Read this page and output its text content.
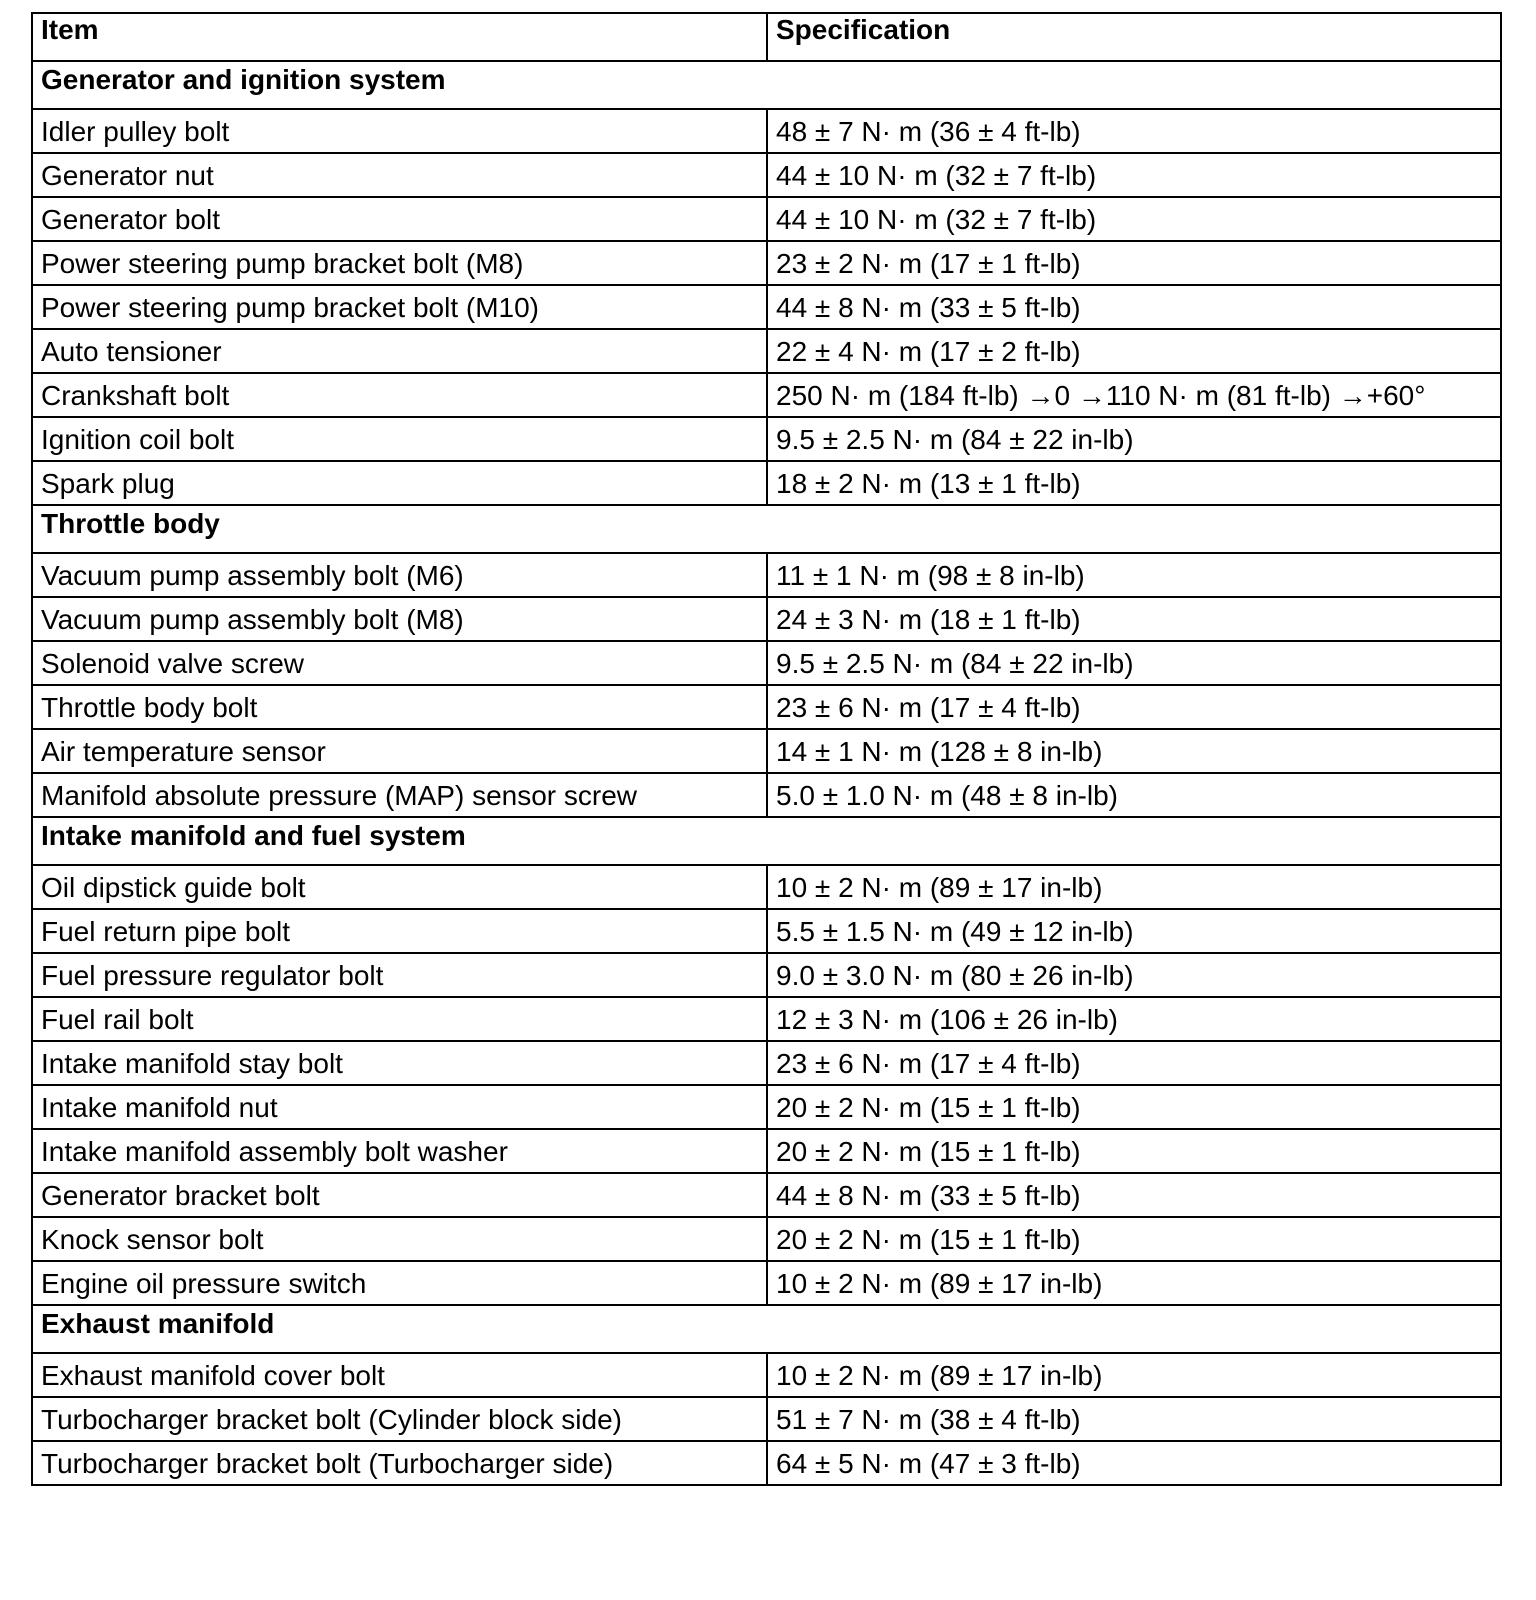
Item	Specification
Generator and ignition system	
Idler pulley bolt	48 ± 7 N· m (36 ± 4 ft-lb)
Generator nut	44 ± 10 N· m (32 ± 7 ft-lb)
Generator bolt	44 ± 10 N· m (32 ± 7 ft-lb)
Power steering pump bracket bolt (M8)	23 ± 2 N· m (17 ± 1 ft-lb)
Power steering pump bracket bolt (M10)	44 ± 8 N· m (33 ± 5 ft-lb)
Auto tensioner	22 ± 4 N· m (17 ± 2 ft-lb)
Crankshaft bolt	250 N· m (184 ft-lb) →0 →110 N· m (81 ft-lb) →+60°
Ignition coil bolt	9.5 ± 2.5 N· m (84 ± 22 in-lb)
Spark plug	18 ± 2 N· m (13 ± 1 ft-lb)
Throttle body	
Vacuum pump assembly bolt (M6)	11 ± 1 N· m (98 ± 8 in-lb)
Vacuum pump assembly bolt (M8)	24 ± 3 N· m (18 ± 1 ft-lb)
Solenoid valve screw	9.5 ± 2.5 N· m (84 ± 22 in-lb)
Throttle body bolt	23 ± 6 N· m (17 ± 4 ft-lb)
Air temperature sensor	14 ± 1 N· m (128 ± 8 in-lb)
Manifold absolute pressure (MAP) sensor screw	5.0 ± 1.0 N· m (48 ± 8 in-lb)
Intake manifold and fuel system	
Oil dipstick guide bolt	10 ± 2 N· m (89 ± 17 in-lb)
Fuel return pipe bolt	5.5 ± 1.5 N· m (49 ± 12 in-lb)
Fuel pressure regulator bolt	9.0 ± 3.0 N· m (80 ± 26 in-lb)
Fuel rail bolt	12 ± 3 N· m (106 ± 26 in-lb)
Intake manifold stay bolt	23 ± 6 N· m (17 ± 4 ft-lb)
Intake manifold nut	20 ± 2 N· m (15 ± 1 ft-lb)
Intake manifold assembly bolt washer	20 ± 2 N· m (15 ± 1 ft-lb)
Generator bracket bolt	44 ± 8 N· m (33 ± 5 ft-lb)
Knock sensor bolt	20 ± 2 N· m (15 ± 1 ft-lb)
Engine oil pressure switch	10 ± 2 N· m (89 ± 17 in-lb)
Exhaust manifold	
Exhaust manifold cover bolt	10 ± 2 N· m (89 ± 17 in-lb)
Turbocharger bracket bolt (Cylinder block side)	51 ± 7 N· m (38 ± 4 ft-lb)
Turbocharger bracket bolt (Turbocharger side)	64 ± 5 N· m (47 ± 3 ft-lb)
